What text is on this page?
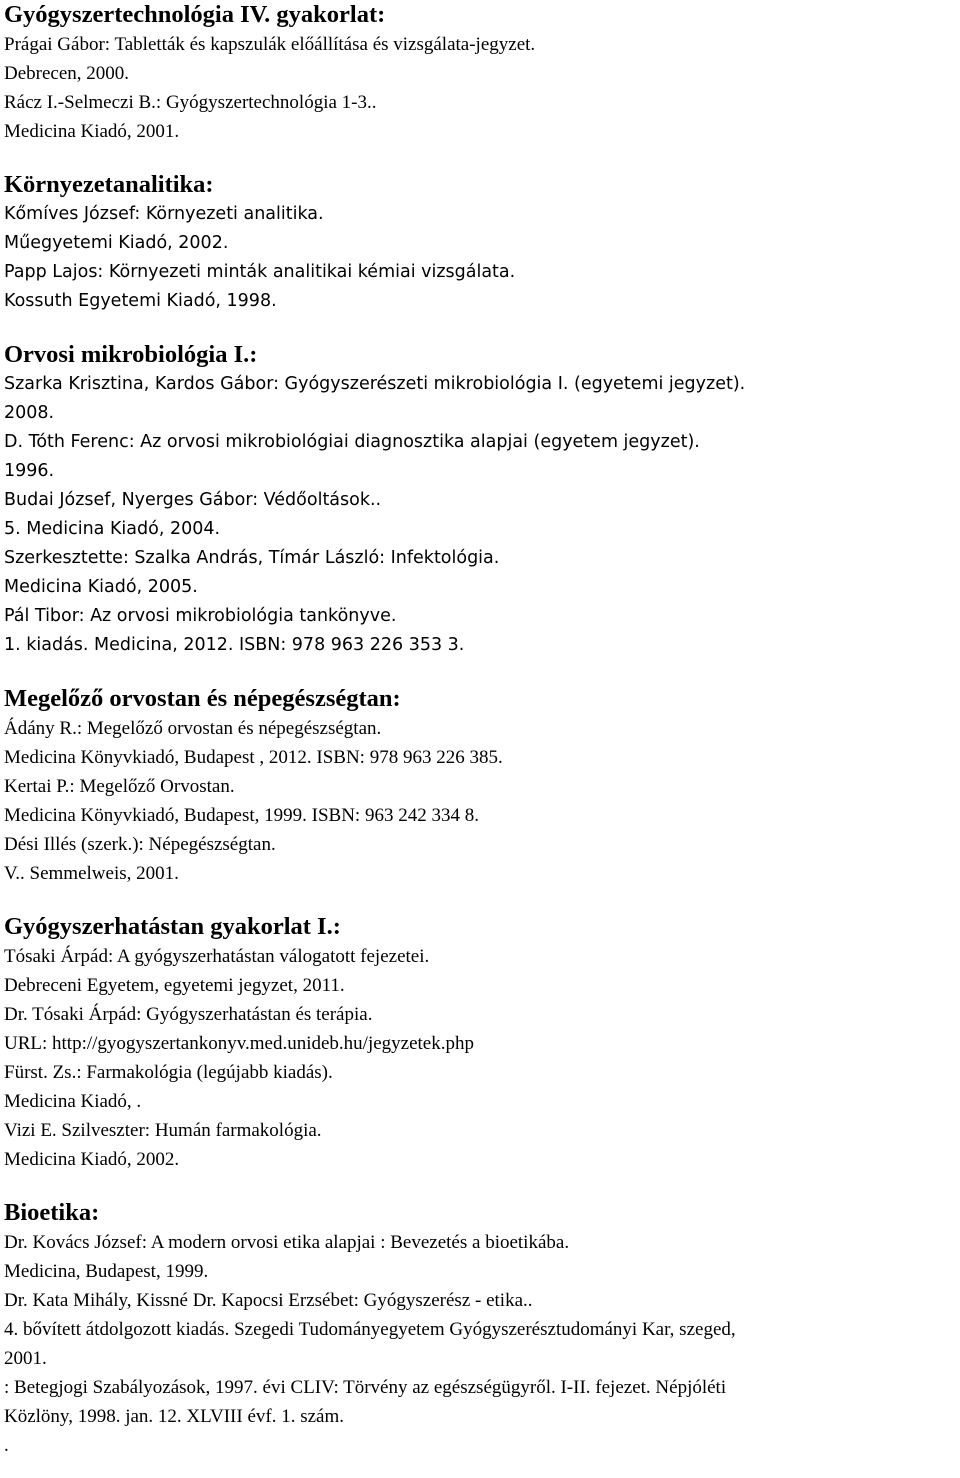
Gyógyszertechnológia IV. gyakorlat:

Prágai Gábor: Tabletták és kapszulák előállítása és vizsgálata-jegyzet.

Debrecen, 2000.

Rácz I.-Selmeczi B.: Gyógyszertechnológia 1-3..

Medicina Kiadó, 2001.

Környezetanalitika:

Kőmíves József: Környezeti analitika.

Műegyetemi Kiadó, 2002.

Papp Lajos: Környezeti minták analitikai kémiai vizsgálata.

Kossuth Egyetemi Kiadó, 1998.

Orvosi mikrobiológia I.:

Szarka Krisztina, Kardos Gábor: Gyógyszerészeti mikrobiológia I. (egyetemi jegyzet).

2008.

D. Tóth Ferenc: Az orvosi mikrobiológiai diagnosztika alapjai (egyetem jegyzet).

1996.

Budai József, Nyerges Gábor: Védőoltások..

5. Medicina Kiadó, 2004.

Szerkesztette: Szalka András, Tímár László: Infektológia.

Medicina Kiadó, 2005.

Pál Tibor: Az orvosi mikrobiológia tankönyve.

1. kiadás. Medicina, 2012. ISBN: 978 963 226 353 3.

Megelőző orvostan és népegészségtan:

Ádány R.: Megelőző orvostan és népegészségtan.

Medicina Könyvkiadó, Budapest , 2012. ISBN: 978 963 226 385.

Kertai P.: Megelőző Orvostan.

Medicina Könyvkiadó, Budapest, 1999. ISBN: 963 242 334 8.

Dési Illés (szerk.): Népegészségtan.

V.. Semmelweis, 2001.

Gyógyszerhatástan gyakorlat I.:

Tósaki Árpád: A gyógyszerhatástan válogatott fejezetei.

Debreceni Egyetem, egyetemi jegyzet, 2011.

Dr. Tósaki Árpád: Gyógyszerhatástan és terápia.

URL: http://gyogyszertankonyv.med.unideb.hu/jegyzetek.php

Fürst. Zs.: Farmakológia (legújabb kiadás).

Medicina Kiadó, .

Vizi E. Szilveszter: Humán farmakológia.

Medicina Kiadó, 2002.

Bioetika:

Dr. Kovács József: A modern orvosi etika alapjai : Bevezetés a bioetikába.

Medicina, Budapest, 1999.

Dr. Kata Mihály, Kissné Dr. Kapocsi Erzsébet: Gyógyszerész - etika..

4. bővített átdolgozott kiadás. Szegedi Tudományegyetem Gyógyszerésztudományi Kar, szeged,

2001.

: Betegjogi Szabályozások, 1997. évi CLIV: Törvény az egészségügyről. I-II. fejezet. Népjóléti

Közlöny, 1998. jan. 12. XLVIII évf. 1. szám.

.
